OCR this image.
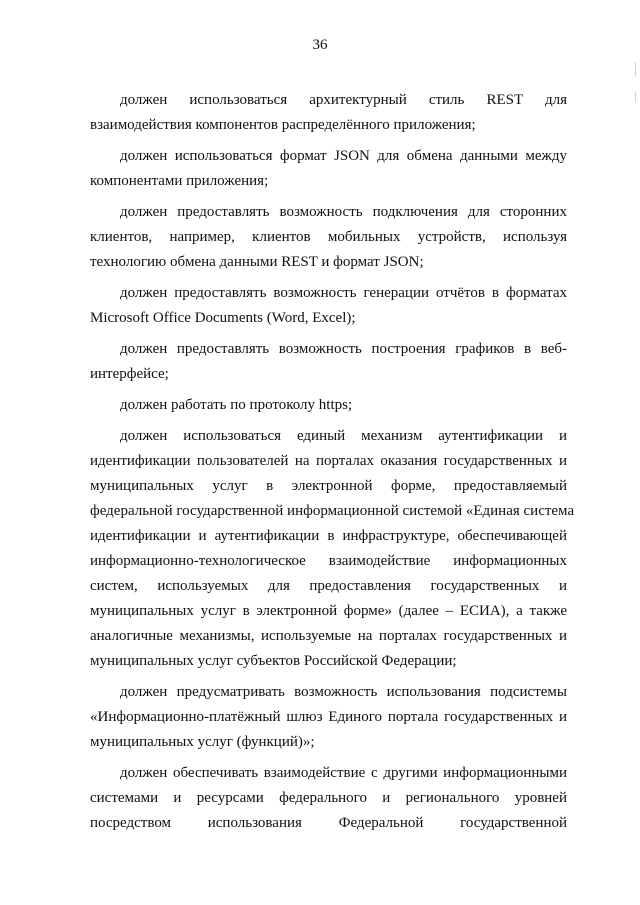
36
должен использоваться архитектурный стиль REST для
взаимодействия компонентов распределённого приложения;
должен использоваться формат JSON для обмена данными между
компонентами приложения;
должен предоставлять возможность подключения для сторонних
клиентов, например, клиентов мобильных устройств, используя
технологию обмена данными REST и формат JSON;
должен предоставлять возможность генерации отчётов в форматах
Microsoft Office Documents (Word, Excel);
должен предоставлять возможность построения графиков в веб-
интерфейсе;
должен работать по протоколу https;
должен использоваться единый механизм аутентификации и
идентификации пользователей на порталах оказания государственных и
муниципальных услуг в электронной форме, предоставляемый
федеральной государственной информационной системой «Единая система
идентификации и аутентификации в инфраструктуре, обеспечивающей
информационно-технологическое взаимодействие информационных
систем, используемых для предоставления государственных и
муниципальных услуг в электронной форме» (далее – ЕСИА), а также
аналогичные механизмы, используемые на порталах государственных и
муниципальных услуг субъектов Российской Федерации;
должен предусматривать возможность использования подсистемы
«Информационно-платёжный шлюз Единого портала государственных и
муниципальных услуг (функций)»;
должен обеспечивать взаимодействие с другими информационными
системами и ресурсами федерального и регионального уровней
посредством использования Федеральной государственной
